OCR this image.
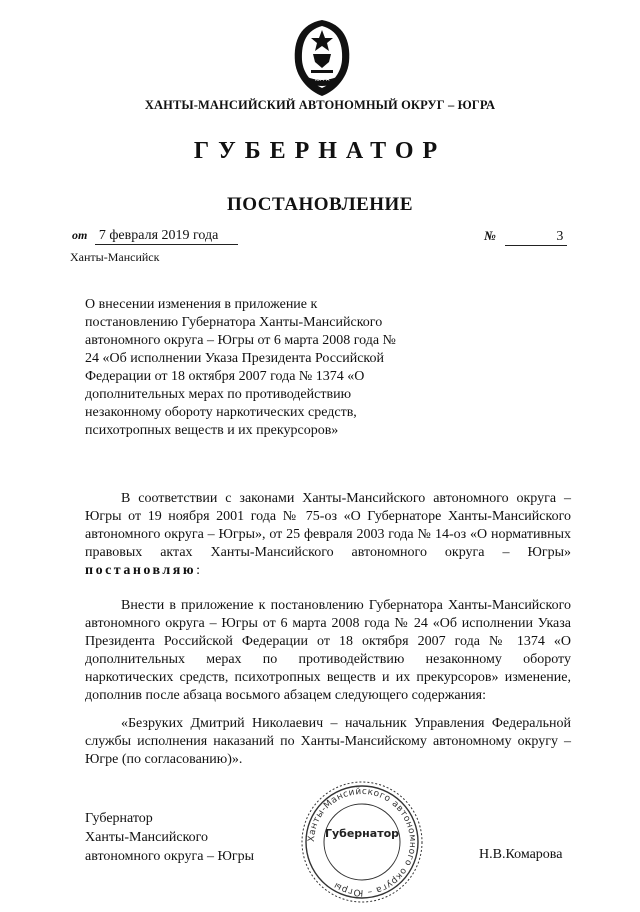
ЮГРА
ХАНТЫ-МАНСИЙСКИЙ АВТОНОМНЫЙ ОКРУГ – ЮГРА
ГУБЕРНАТОР
ПОСТАНОВЛЕНИЕ
от 7 февраля 2019 года	№	3
Ханты-Мансийск
О внесении изменения в приложение к постановлению Губернатора Ханты-Мансийского автономного округа – Югры от 6 марта 2008 года № 24 «Об исполнении Указа Президента Российской Федерации от 18 октября 2007 года № 1374 «О дополнительных мерах по противодействию незаконному обороту наркотических средств, психотропных веществ и их прекурсоров»
В соответствии с законами Ханты-Мансийского автономного округа – Югры от 19 ноября 2001 года № 75-оз «О Губернаторе Ханты-Мансийского автономного округа – Югры», от 25 февраля 2003 года № 14-оз «О нормативных правовых актах Ханты-Мансийского автономного округа – Югры» постановляю:
Внести в приложение к постановлению Губернатора Ханты-Мансийского автономного округа – Югры от 6 марта 2008 года № 24 «Об исполнении Указа Президента Российской Федерации от 18 октября 2007 года № 1374 «О дополнительных мерах по противодействию незаконному обороту наркотических средств, психотропных веществ и их прекурсоров» изменение, дополнив после абзаца восьмого абзацем следующего содержания:
«Безруких Дмитрий Николаевич – начальник Управления Федеральной службы исполнения наказаний по Ханты-Мансийскому автономному округу – Югре (по согласованию)».
Губернатор
Ханты-Мансийского
автономного округа – Югры
Ханты-Мансийского автономного округа – Югры
Губернатор
Н.В.Комарова
